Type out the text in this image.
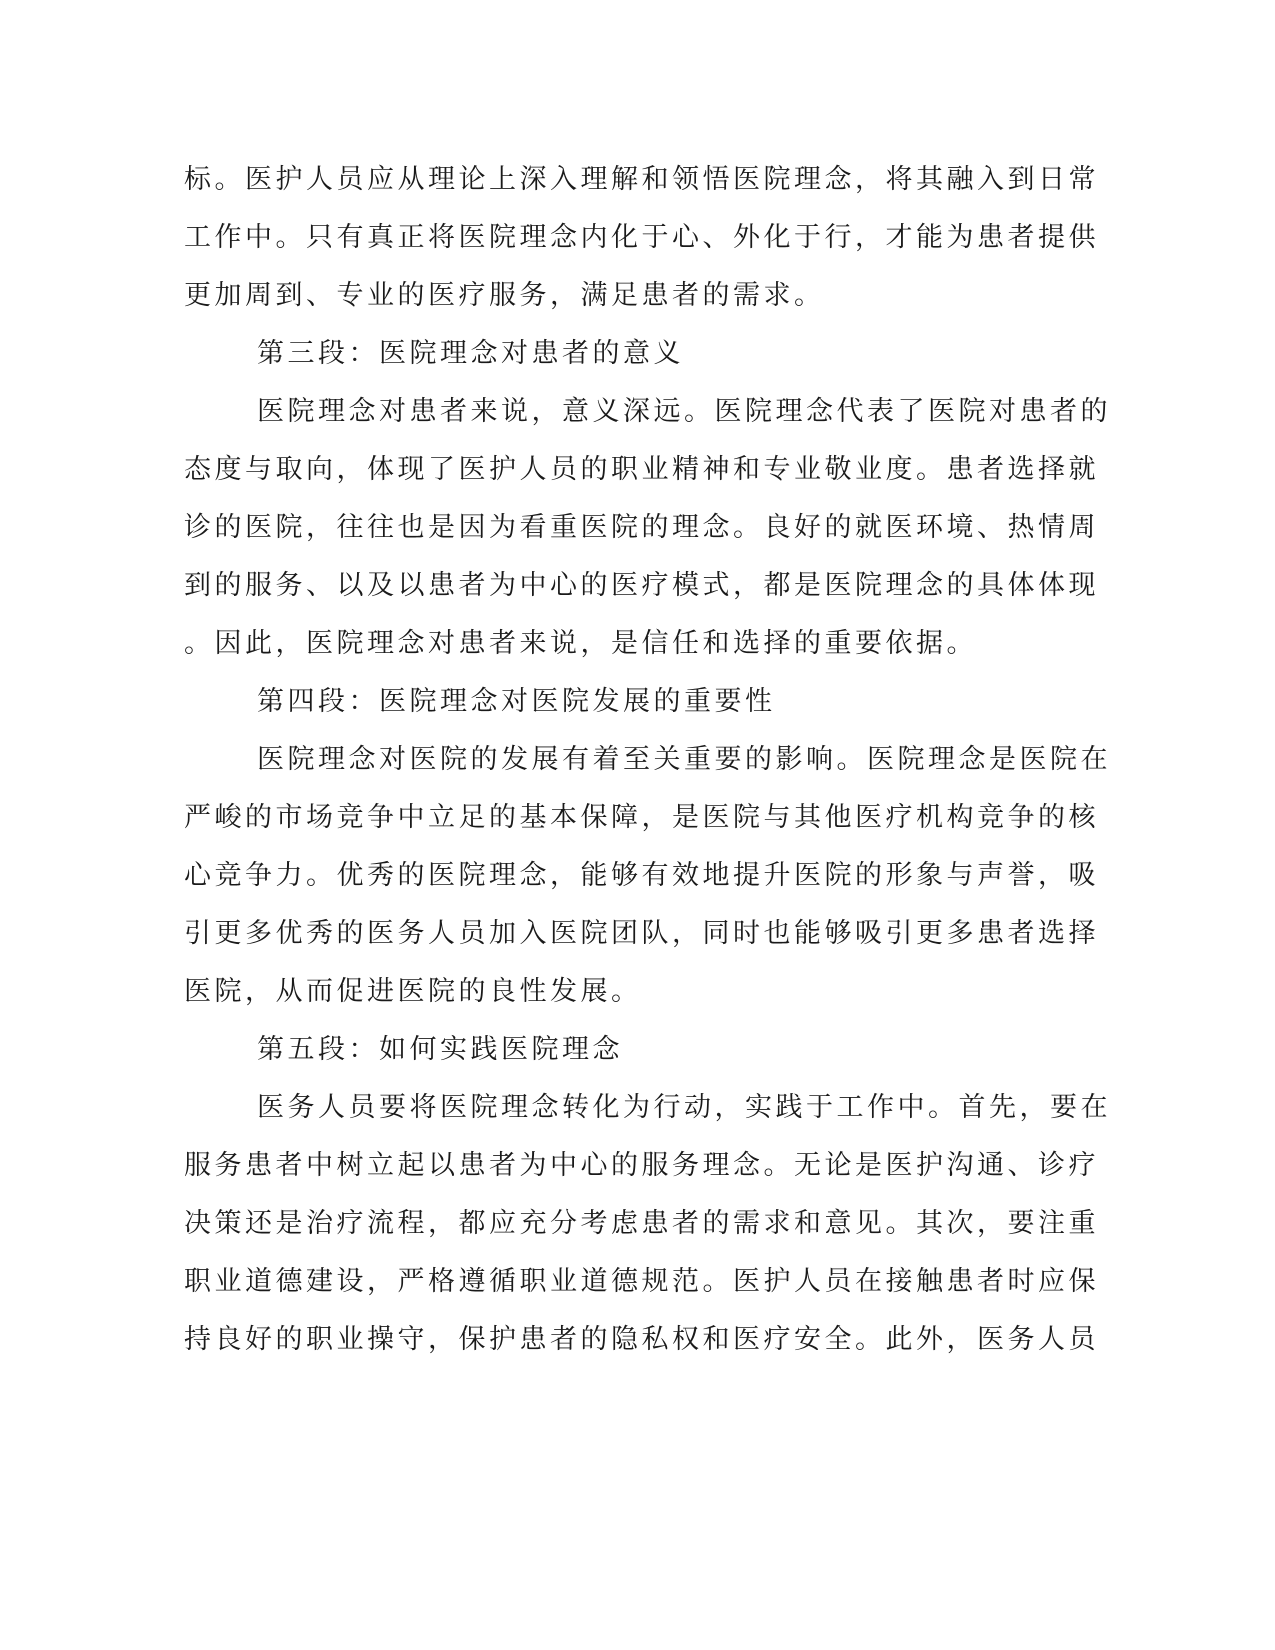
标。医护人员应从理论上深入理解和领悟医院理念，将其融入到日常
工作中。只有真正将医院理念内化于心、外化于行，才能为患者提供
更加周到、专业的医疗服务，满足患者的需求。
第三段：医院理念对患者的意义
医院理念对患者来说，意义深远。医院理念代表了医院对患者的
态度与取向，体现了医护人员的职业精神和专业敬业度。患者选择就
诊的医院，往往也是因为看重医院的理念。良好的就医环境、热情周
到的服务、以及以患者为中心的医疗模式，都是医院理念的具体体现
。因此，医院理念对患者来说，是信任和选择的重要依据。
第四段：医院理念对医院发展的重要性
医院理念对医院的发展有着至关重要的影响。医院理念是医院在
严峻的市场竞争中立足的基本保障，是医院与其他医疗机构竞争的核
心竞争力。优秀的医院理念，能够有效地提升医院的形象与声誉，吸
引更多优秀的医务人员加入医院团队，同时也能够吸引更多患者选择
医院，从而促进医院的良性发展。
第五段：如何实践医院理念
医务人员要将医院理念转化为行动，实践于工作中。首先，要在
服务患者中树立起以患者为中心的服务理念。无论是医护沟通、诊疗
决策还是治疗流程，都应充分考虑患者的需求和意见。其次，要注重
职业道德建设，严格遵循职业道德规范。医护人员在接触患者时应保
持良好的职业操守，保护患者的隐私权和医疗安全。此外，医务人员
